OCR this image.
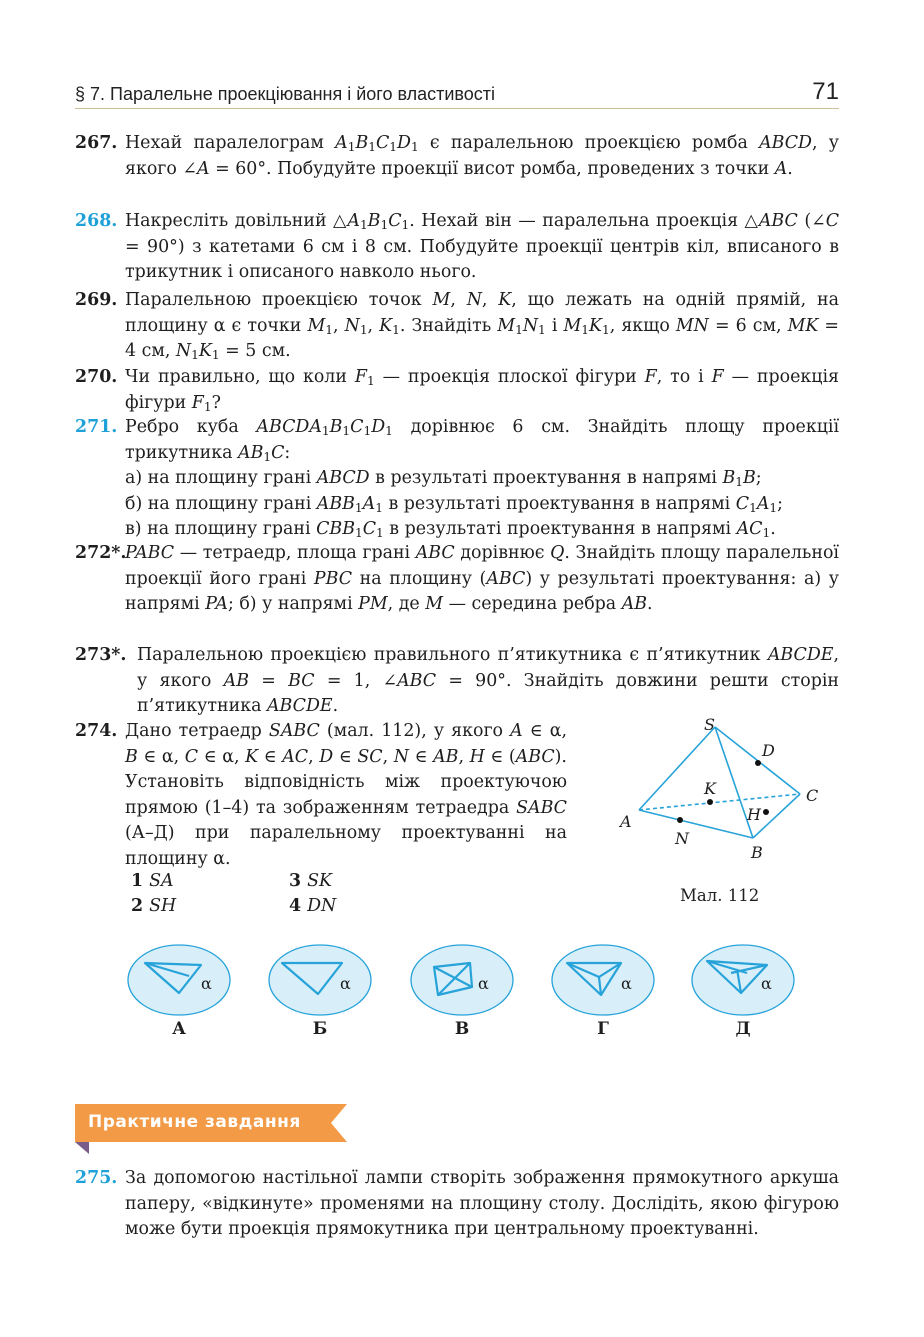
§ 7. Паралельне проекціювання і його властивості	71
267. Нехай паралелограм $A_1B_1C_1D_1$ є паралельною проекцією ромба ABCD, у якого ∠A = 60°. Побудуйте проекції висот ромба, проведених з точки A.
268. Накресліть довільний $\triangle A_1B_1C_1$. Нехай він — паралельна проекція △ABC (∠C = 90°) з катетами 6 см і 8 см. Побудуйте проекції центрів кіл, вписаного в трикутник і описаного навколо нього.
269. Паралельною проекцією точок M, N, K, що лежать на одній прямій, на площину α є точки $M_1$, $N_1$, $K_1$. Знайдіть $M_1N_1$ і $M_1K_1$, якщо MN = 6 см, MK = 4 см, $N_1K_1 = 5$ см.
270. Чи правильно, що коли $F_1$ — проекція плоскої фігури F, то і F — проекція фігури $F_1$?
271. Ребро куба $ABCDA_1B_1C_1D_1$ дорівнює 6 см. Знайдіть площу проекції трикутника $AB_1C$:

а) на площину грані ABCD в результаті проектування в напрямі $B_1B$;

б) на площину грані $ABB_1A_1$ в результаті проектування в напрямі $C_1A_1$;

в) на площину грані $CBB_1C_1$ в результаті проектування в напрямі $AC_1$.

272*.
PABC — тетраедр, площа грані ABC дорівнює Q. Знайдіть площу паралельної проекції його грані PBC на площину (ABC) у результаті проектування: а) у напрямі PA; б) у напрямі PM, де M — середина ребра AB.
273*. Паралельною проекцією правильного п’ятикутника є п’ятикутник ABCDE, у якого AB = BC = 1, ∠ABC = 90°. Знайдіть довжини решти сторін п’ятикутника ABCDE.
274. Дано тетраедр SABC (мал. 112), у якого A ∈ α, B ∈ α, C ∈ α, K ∈ AC, D ∈ SC, N ∈ AB, H ∈ (ABC). Установіть відповідність між проектуючою прямою (1–4) та зображенням тетраедра SABC (А–Д) при паралельному проектуванні на площину α.
1 SA
2 SH
3 SK
4 DN
S
D
K	C
H
A
N
B
Мал. 112
α	α	α	α	α
А	Б	В	Г	Д
Практичне завдання
275. За допомогою настільної лампи створіть зображення прямокутного аркуша паперу, «відкинуте» променями на площину столу. Дослідіть, якою фігурою може бути проекція прямокутника при центральному проектуванні.
